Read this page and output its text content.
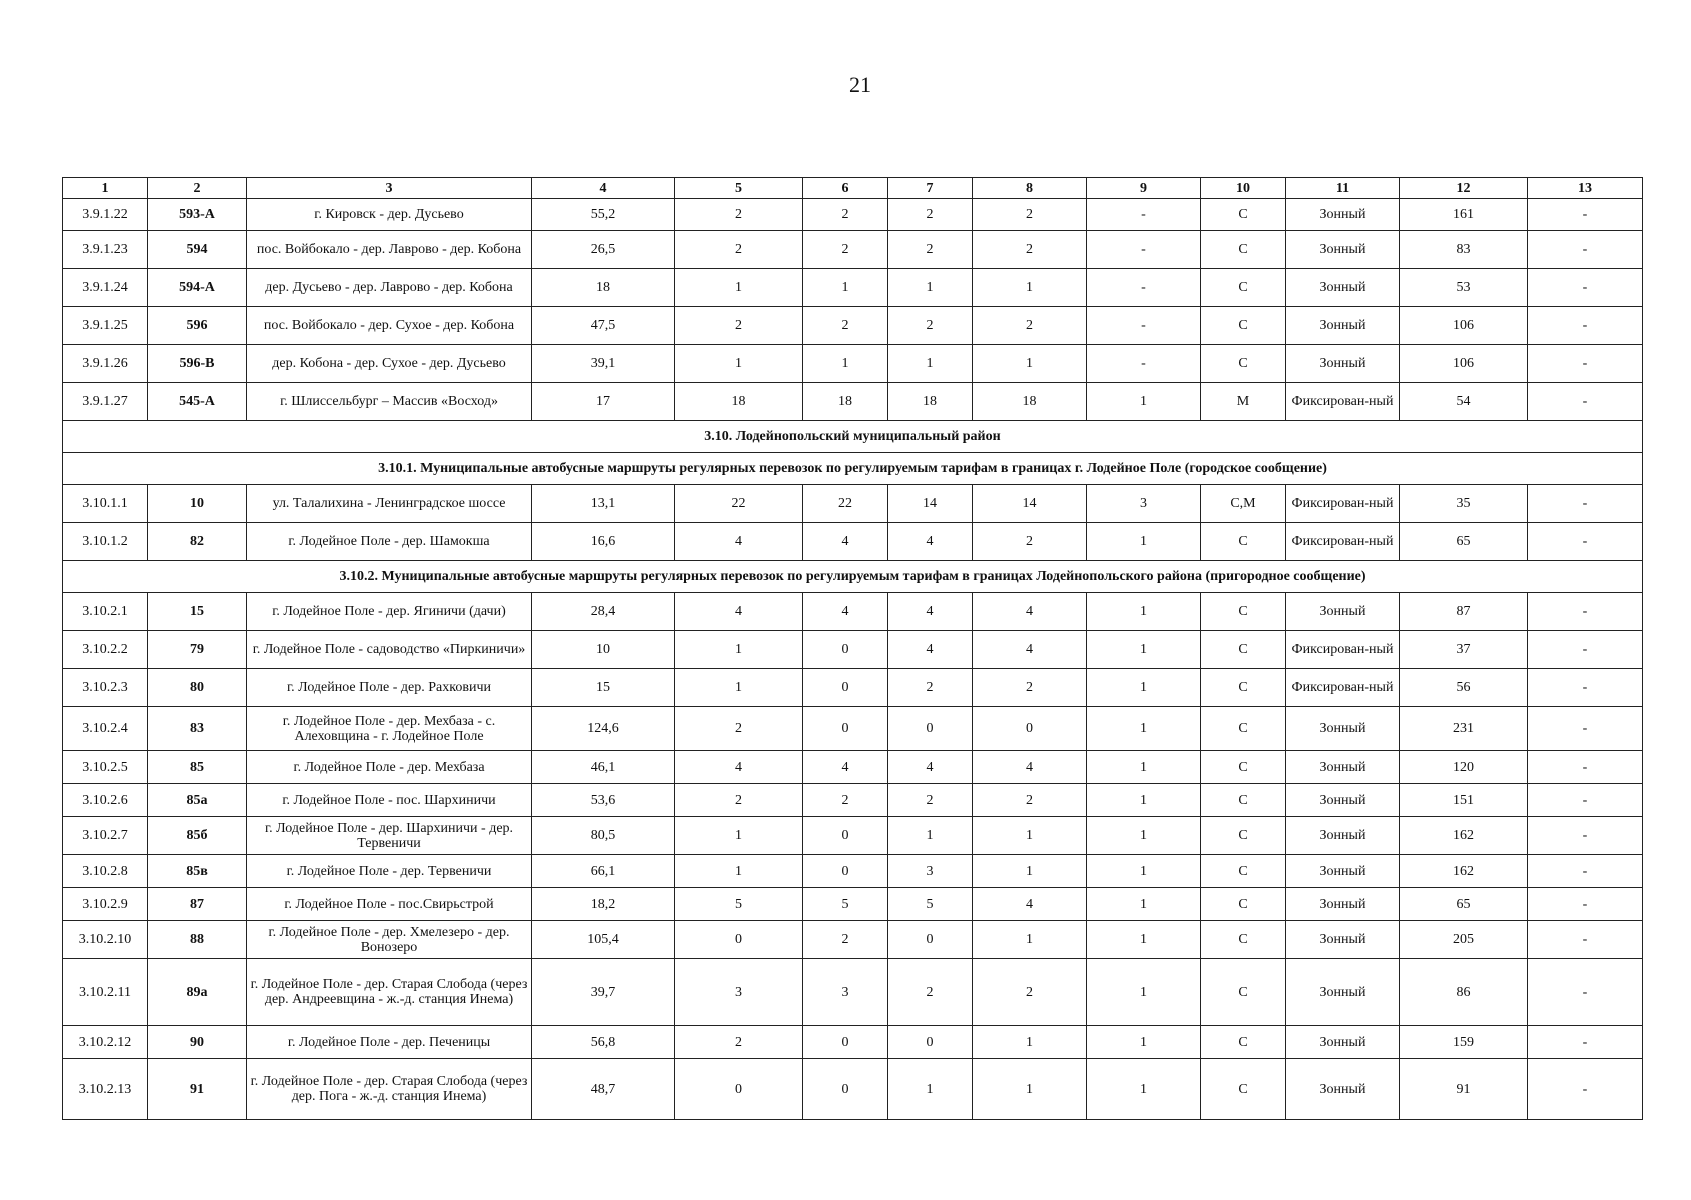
21
1	2	3	4	5	6	7	8	9	10	11	12	13
3.9.1.22	593-А	г. Кировск - дер. Дусьево	55,2	2	2	2	2	-	С	Зонный	161	-
3.9.1.23	594	пос. Войбокало - дер. Лаврово - дер. Кобона	26,5	2	2	2	2	-	С	Зонный	83	-
3.9.1.24	594-А	дер. Дусьево - дер. Лаврово - дер. Кобона	18	1	1	1	1	-	С	Зонный	53	-
3.9.1.25	596	пос. Войбокало - дер. Сухое - дер. Кобона	47,5	2	2	2	2	-	С	Зонный	106	-
3.9.1.26	596-В	дер. Кобона - дер. Сухое - дер. Дусьево	39,1	1	1	1	1	-	С	Зонный	106	-
3.9.1.27	545-А	г. Шлиссельбург – Массив «Восход»	17	18	18	18	18	1	М	Фиксирован-ный	54	-
3.10. Лодейнопольский муниципальный район												
3.10.1. Муниципальные автобусные маршруты регулярных перевозок по регулируемым тарифам в границах г. Лодейное Поле (городское сообщение)												
3.10.1.1	10	ул. Талалихина - Ленинградское шоссе	13,1	22	22	14	14	3	С,М	Фиксирован-ный	35	-
3.10.1.2	82	г. Лодейное Поле - дер. Шамокша	16,6	4	4	4	2	1	С	Фиксирован-ный	65	-
3.10.2. Муниципальные автобусные маршруты регулярных перевозок по регулируемым тарифам в границах Лодейнопольского района (пригородное сообщение)												
3.10.2.1	15	г. Лодейное Поле - дер. Ягиничи (дачи)	28,4	4	4	4	4	1	С	Зонный	87	-
3.10.2.2	79	г. Лодейное Поле - садоводство «Пиркиничи»	10	1	0	4	4	1	С	Фиксирован-ный	37	-
3.10.2.3	80	г. Лодейное Поле - дер. Рахковичи	15	1	0	2	2	1	С	Фиксирован-ный	56	-
3.10.2.4	83	г. Лодейное Поле - дер. Мехбаза - с. Алеховщина - г. Лодейное Поле	124,6	2	0	0	0	1	С	Зонный	231	-
3.10.2.5	85	г. Лодейное Поле - дер. Мехбаза	46,1	4	4	4	4	1	С	Зонный	120	-
3.10.2.6	85а	г. Лодейное Поле - пос. Шархиничи	53,6	2	2	2	2	1	С	Зонный	151	-
3.10.2.7	85б	г. Лодейное Поле - дер. Шархиничи - дер. Тервеничи	80,5	1	0	1	1	1	С	Зонный	162	-
3.10.2.8	85в	г. Лодейное Поле - дер. Тервеничи	66,1	1	0	3	1	1	С	Зонный	162	-
3.10.2.9	87	г. Лодейное Поле - пос.Свирьстрой	18,2	5	5	5	4	1	С	Зонный	65	-
3.10.2.10	88	г. Лодейное Поле - дер. Хмелезеро - дер. Вонозеро	105,4	0	2	0	1	1	С	Зонный	205	-
3.10.2.11	89а	г. Лодейное Поле - дер. Старая Слобода (через дер. Андреевщина - ж.-д. станция Инема)	39,7	3	3	2	2	1	С	Зонный	86	-
3.10.2.12	90	г. Лодейное Поле - дер. Печеницы	56,8	2	0	0	1	1	С	Зонный	159	-
3.10.2.13	91	г. Лодейное Поле - дер. Старая Слобода (через дер. Пога - ж.-д. станция Инема)	48,7	0	0	1	1	1	С	Зонный	91	-
